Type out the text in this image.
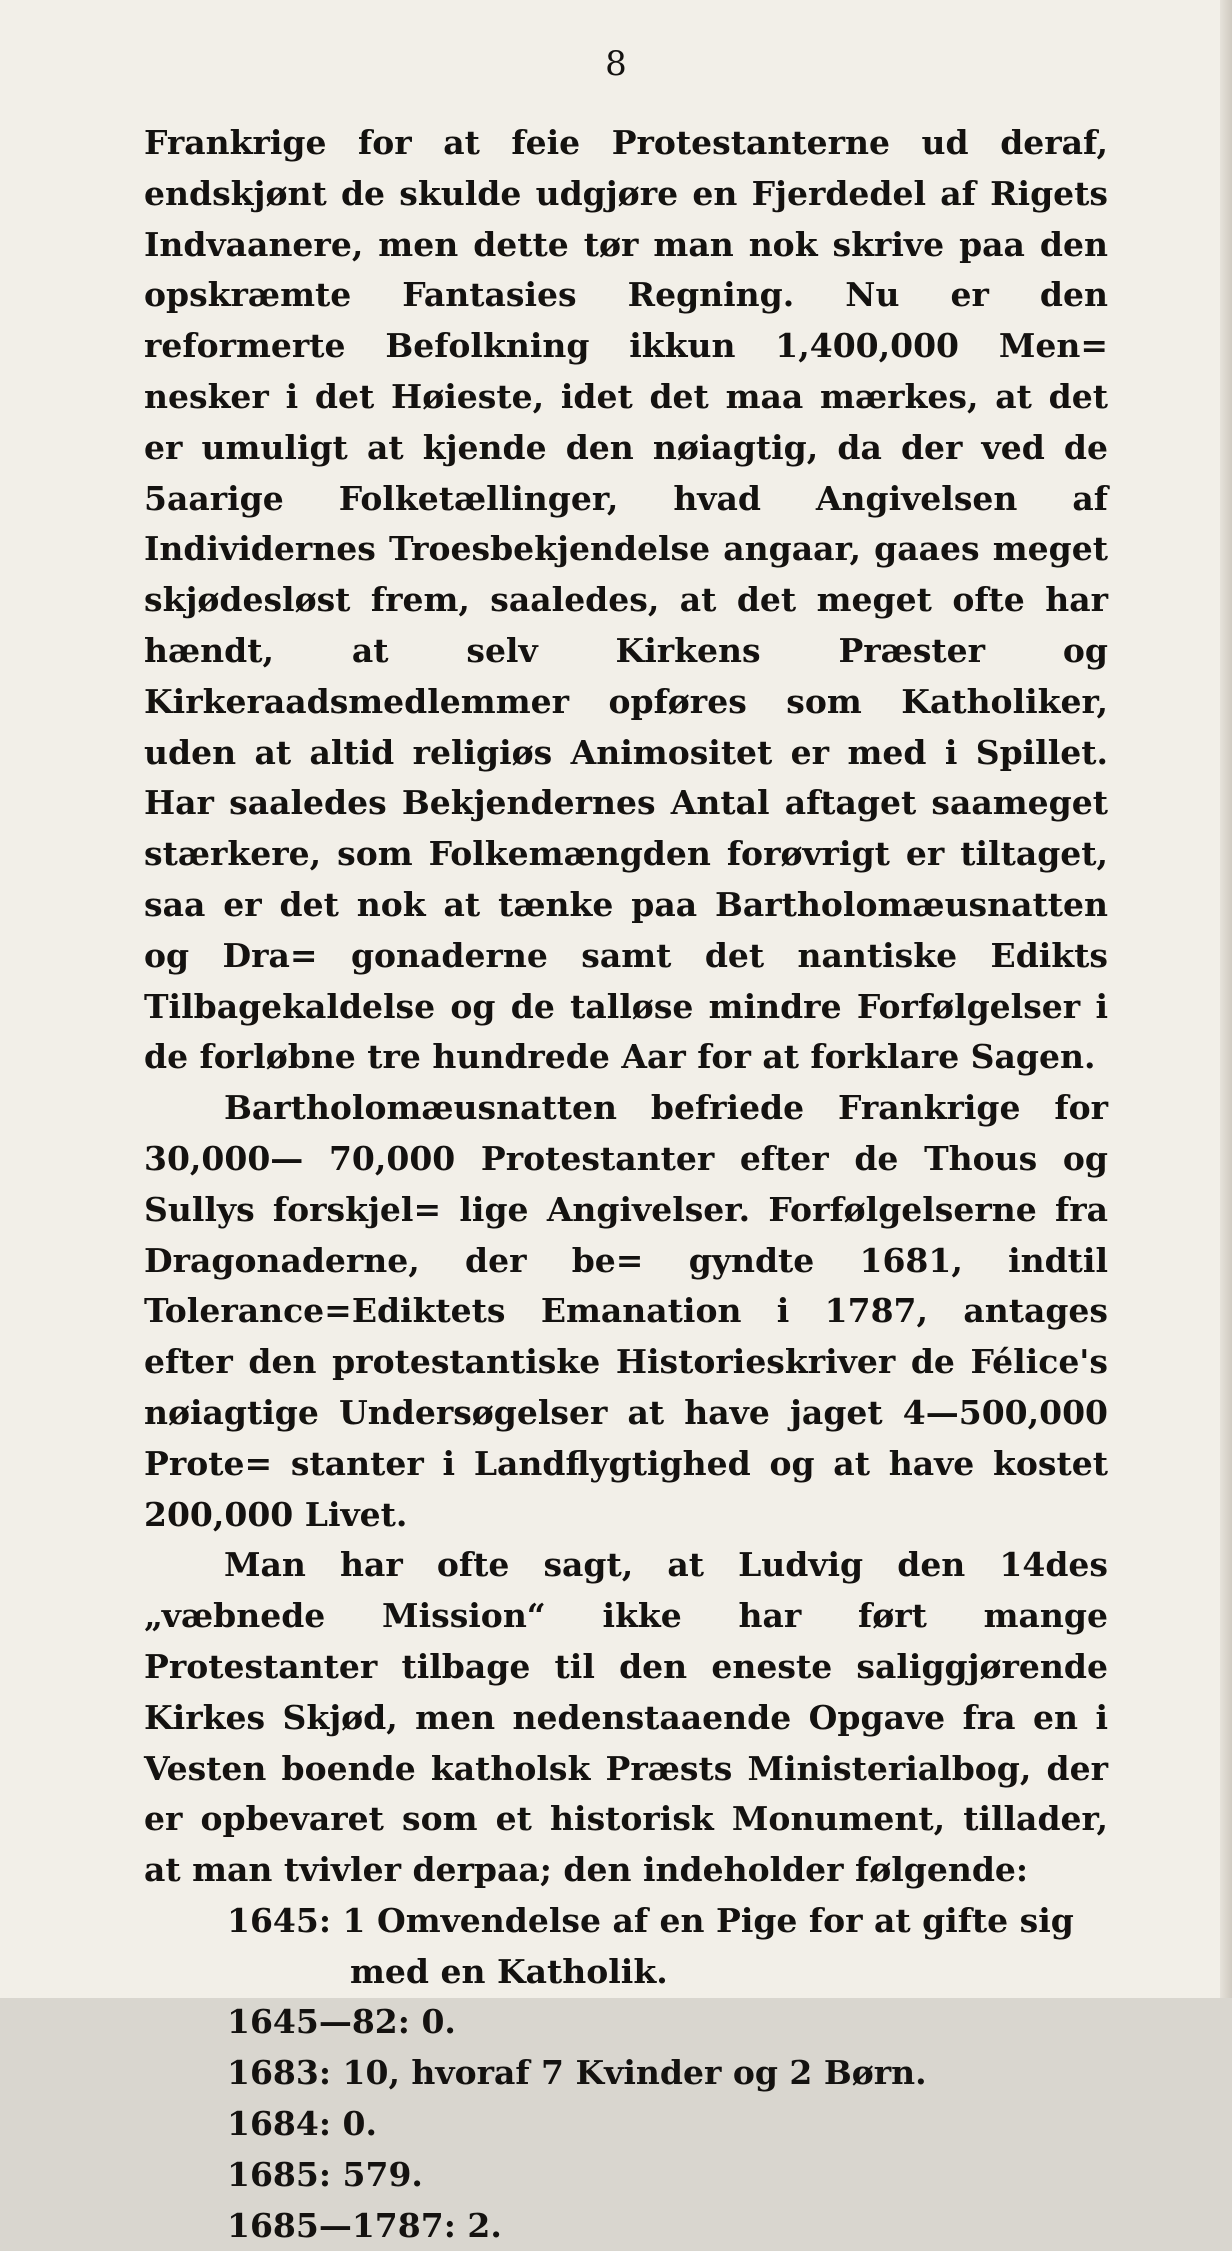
8

Frankrige for at feie Protestanterne ud deraf, endskjønt de skulde udgjøre en Fjerdedel af Rigets Indvaanere, men dette tør man nok skrive paa den opskræmte Fantasies Regning. Nu er den reformerte Befolkning ikkun 1,400,000 Men= nesker i det Høieste, idet det maa mærkes, at det er umuligt at kjende den nøiagtig, da der ved de 5aarige Folketællinger, hvad Angivelsen af Individernes Troesbekjendelse angaar, gaaes meget skjødesløst frem, saaledes, at det meget ofte har hændt, at selv Kirkens Præster og Kirkeraadsmedlemmer opføres som Katholiker, uden at altid religiøs Animositet er med i Spillet. Har saaledes Bekjendernes Antal aftaget saameget stærkere, som Folkemængden forøvrigt er tiltaget, saa er det nok at tænke paa Bartholomæusnatten og Dra= gonaderne samt det nantiske Edikts Tilbagekaldelse og de talløse mindre Forfølgelser i de forløbne tre hundrede Aar for at forklare Sagen.

Bartholomæusnatten befriede Frankrige for 30,000— 70,000 Protestanter efter de Thous og Sullys forskjel= lige Angivelser. Forfølgelserne fra Dragonaderne, der be= gyndte 1681, indtil Tolerance=Ediktets Emanation i 1787, antages efter den protestantiske Historieskriver de Félice's nøiagtige Undersøgelser at have jaget 4—500,000 Prote= stanter i Landflygtighed og at have kostet 200,000 Livet.

Man har ofte sagt, at Ludvig den 14des „væbnede Mission“ ikke har ført mange Protestanter tilbage til den eneste saliggjørende Kirkes Skjød, men nedenstaaende Opgave fra en i Vesten boende katholsk Præsts Ministerialbog, der er opbevaret som et historisk Monument, tillader, at man tvivler derpaa; den indeholder følgende:

1645: 1 Omvendelse af en Pige for at gifte sig med en Katholik.
1645—82: 0.
1683: 10, hvoraf 7 Kvinder og 2 Børn.
1684: 0.
1685: 579.
1685—1787: 2.
